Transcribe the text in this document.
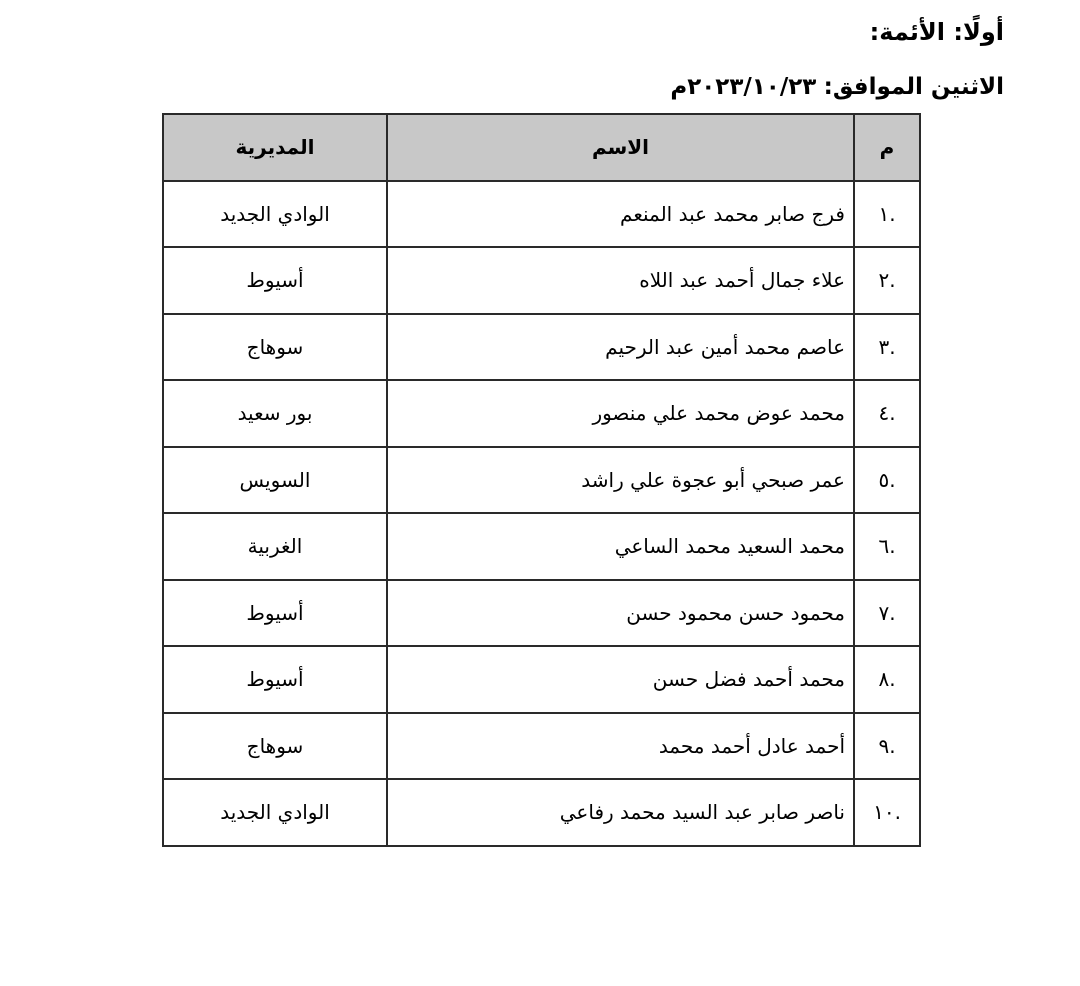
أولًا: الأئمة:
الاثنين الموافق: ٢٠٢٣/١٠/٢٣م
م	الاسم	المديرية
.١	فرج صابر محمد عبد المنعم	الوادي الجديد
.٢	علاء جمال أحمد عبد اللاه	أسيوط
.٣	عاصم محمد أمين عبد الرحيم	سوهاج
.٤	محمد عوض محمد علي منصور	بور سعيد
.٥	عمر صبحي أبو عجوة علي راشد	السويس
.٦	محمد السعيد محمد الساعي	الغربية
.٧	محمود حسن محمود حسن	أسيوط
.٨	محمد أحمد فضل حسن	أسيوط
.٩	أحمد عادل أحمد محمد	سوهاج
.١٠	ناصر صابر عبد السيد محمد رفاعي	الوادي الجديد
